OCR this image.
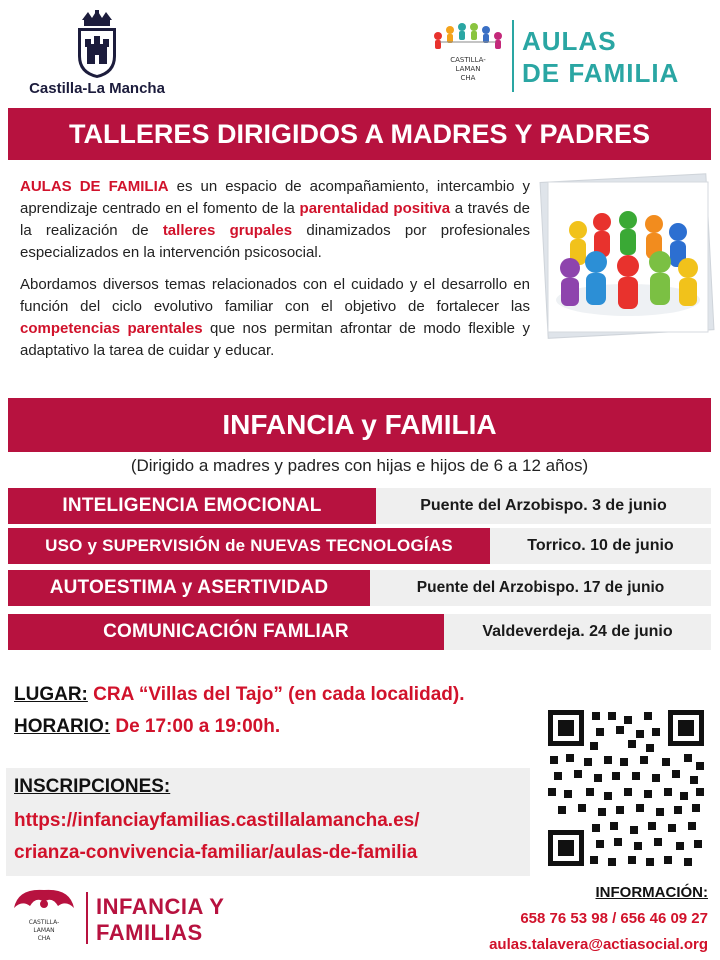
Castilla-La Mancha
CASTILLA-
LAMAN
CHA
AULAS
DE FAMILIA
TALLERES DIRIGIDOS A MADRES Y PADRES

AULAS DE FAMILIA es un espacio de acompañamiento, intercambio y aprendizaje centrado en el fomento de la parentalidad positiva a través de la realización de talleres grupales dinamizados por profesionales especializados en la intervención psicosocial.

Abordamos diversos temas relacionados con el cuidado y el desarrollo en función del ciclo evolutivo familiar con el objetivo de fortalecer las competencias parentales que nos permitan afrontar de modo flexible y adaptativo la tarea de cuidar y educar.

INFANCIA y FAMILIA
(Dirigido a madres y padres con hijas e hijos de 6 a 12 años)
INTELIGENCIA EMOCIONAL	Puente del Arzobispo. 3 de junio
USO y SUPERVISIÓN de NUEVAS TECNOLOGÍAS	Torrico. 10 de junio
AUTOESTIMA y ASERTIVIDAD	Puente del Arzobispo. 17 de junio
COMUNICACIÓN FAMLIAR	Valdeverdeja. 24 de junio
LUGAR: CRA “Villas del Tajo” (en cada localidad).
HORARIO: De 17:00 a 19:00h.
INSCRIPCIONES:
https://infanciayfamilias.castillalamancha.es/
crianza-convivencia-familiar/aulas-de-familia
CASTILLA-
LAMAN
CHA
INFANCIA Y
FAMILIAS
INFORMACIÓN:
658 76 53 98 / 656 46 09 27
aulas.talavera@actiasocial.org
